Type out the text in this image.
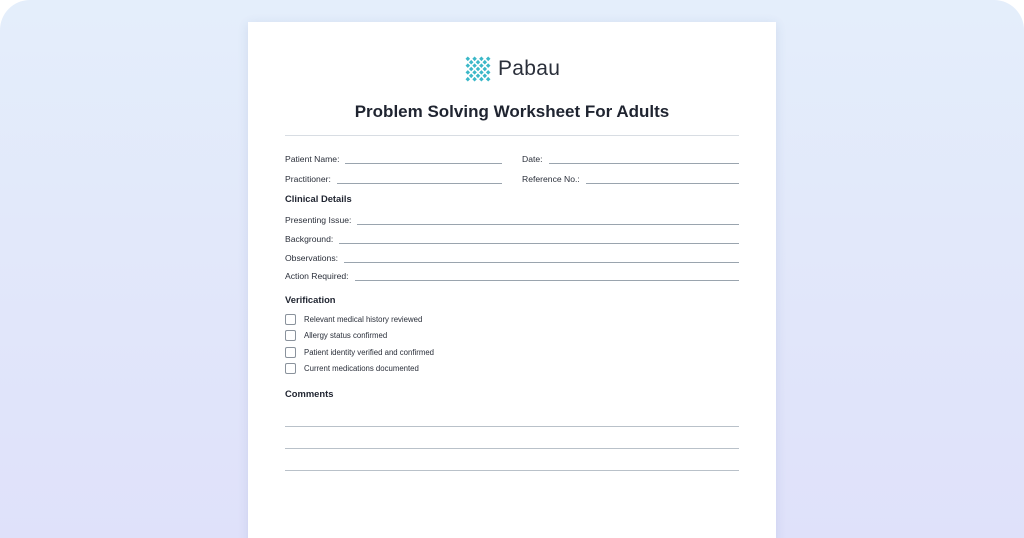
Pabau
Problem Solving Worksheet For Adults
Patient Name:	Date:
Practitioner:	Reference No.:
Clinical Details
Presenting Issue:
Background:
Observations:
Action Required:
Verification
Relevant medical history reviewed
Allergy status confirmed
Patient identity verified and confirmed
Current medications documented
Comments
